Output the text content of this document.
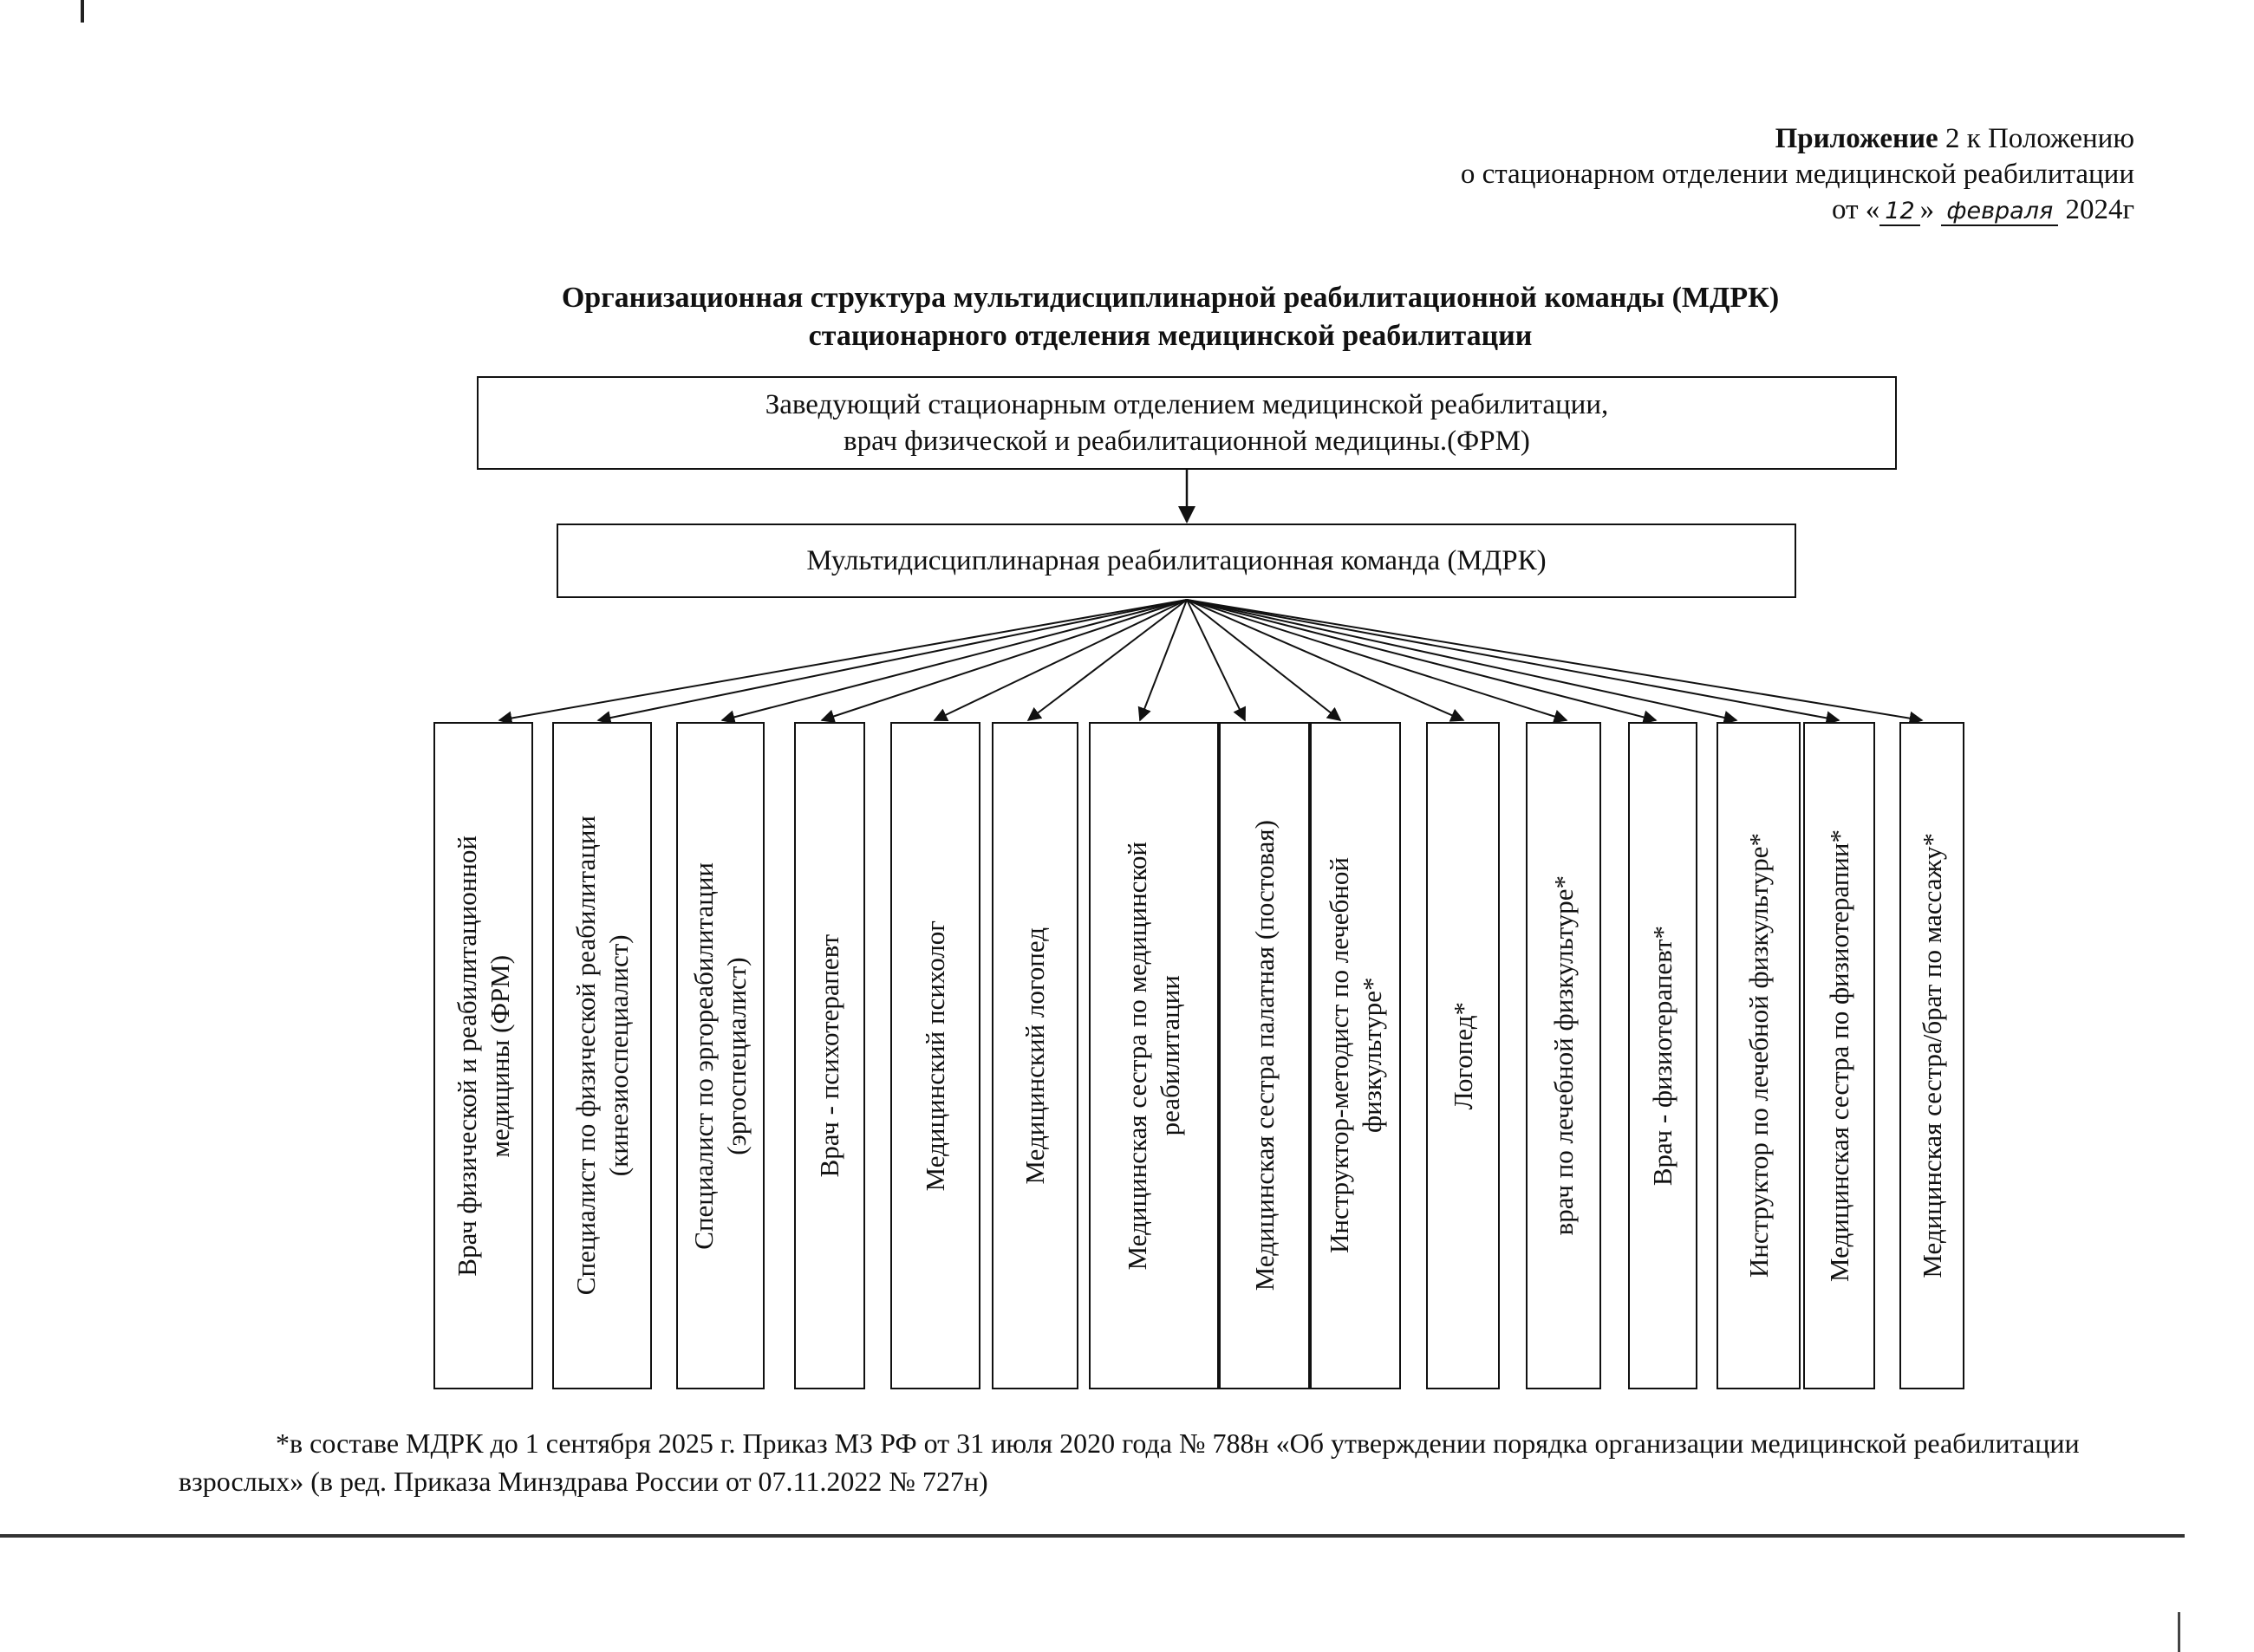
Приложение 2 к Положению
о стационарном отделении медицинской реабилитации
от « 12 » февраля 2024г
Организационная структура мультидисциплинарной реабилитационной команды (МДРК)
стационарного отделения медицинской реабилитации
Заведующий стационарным отделением медицинской реабилитации,
врач физической и реабилитационной медицины.(ФРМ)
Мультидисциплинарная реабилитационная команда (МДРК)
Врач физической и реабилитационной
медицины (ФРМ)
Специалист по физической реабилитации
(кинезиоспециалист)
Специалист по эргореабилитации
(эргоспециалист) Врач - психотерапевт	Медицинский психолог	Медицинский логопед
Медицинская сестра по медицинской
реабилитации Медицинская сестра палатная (постовая) Инструктор-методист по лечебной
физкультуре* Логопед*	врач по лечебной физкультуре*	Врач - физиотерапевт* Инструктор по лечебной физкультуре* Медицинская сестра по физиотерапии* Медицинская сестра/брат по массажу*
*в составе МДРК до 1 сентября 2025 г. Приказ МЗ РФ от 31 июля 2020 года № 788н «Об утверждении порядка организации медицинской реабилитации взрослых» (в ред. Приказа Минздрава России от 07.11.2022 № 727н)
